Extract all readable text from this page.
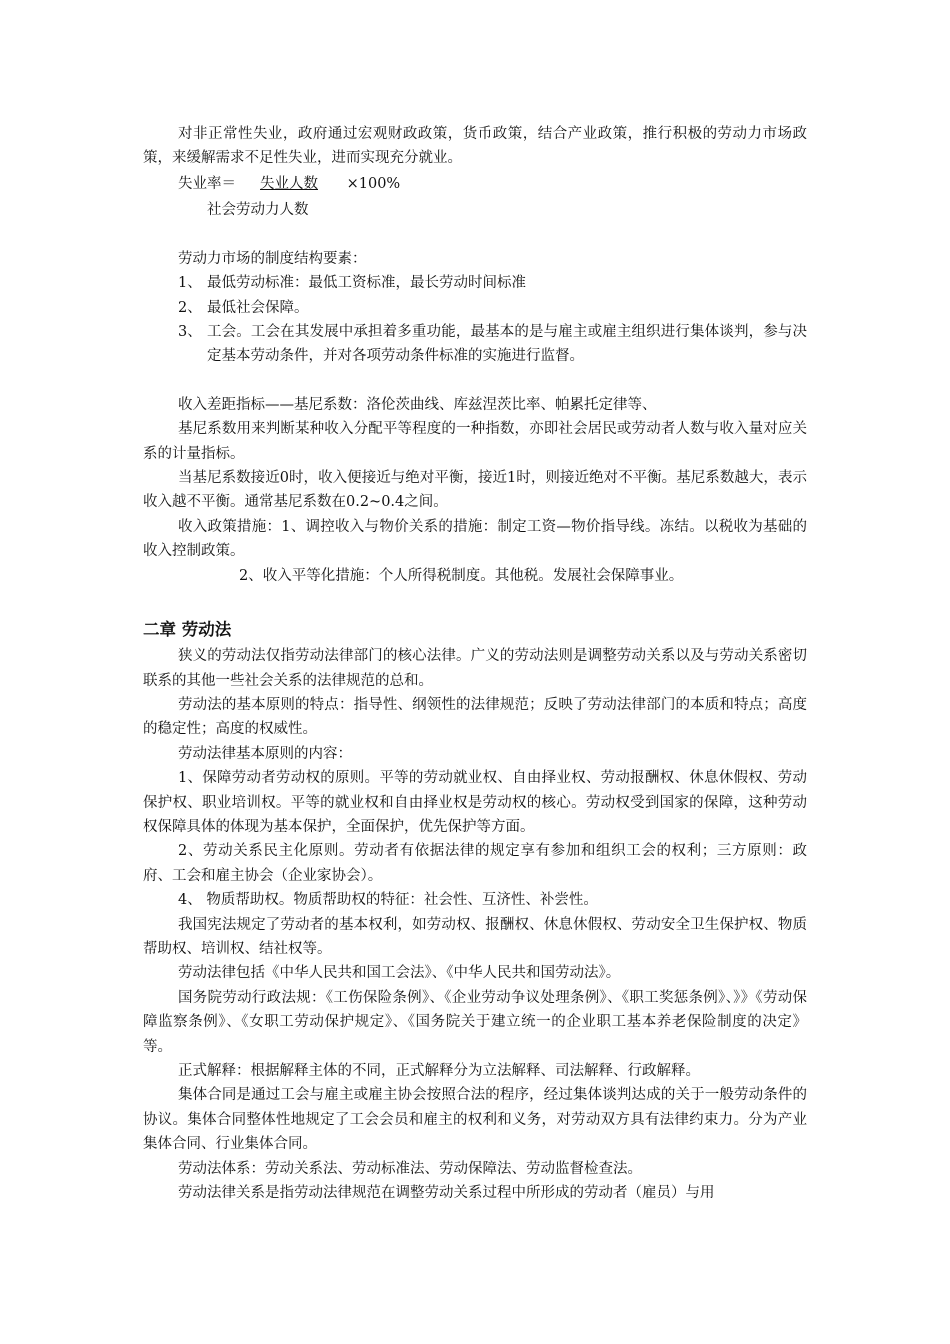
对非正常性失业，政府通过宏观财政政策，货币政策，结合产业政策，推行积极的劳动力市场政策，来缓解需求不足性失业，进而实现充分就业。

失业率＝ 失业人数 ×100%
社会劳动力人数

劳动力市场的制度结构要素：

1、 最低劳动标准：最低工资标准，最长劳动时间标准
2、 最低社会保障。
3、 工会。工会在其发展中承担着多重功能，最基本的是与雇主或雇主组织进行集体谈判，参与决定基本劳动条件，并对各项劳动条件标准的实施进行监督。

收入差距指标——基尼系数：洛伦茨曲线、库兹涅茨比率、帕累托定律等、

基尼系数用来判断某种收入分配平等程度的一种指数，亦即社会居民或劳动者人数与收入量对应关系的计量指标。

当基尼系数接近0时，收入便接近与绝对平衡，接近1时，则接近绝对不平衡。基尼系数越大，表示收入越不平衡。通常基尼系数在0.2~0.4之间。

收入政策措施：1、调控收入与物价关系的措施：制定工资—物价指导线。冻结。以税收为基础的收入控制政策。

2、收入平等化措施：个人所得税制度。其他税。发展社会保障事业。

二章 劳动法

狭义的劳动法仅指劳动法律部门的核心法律。广义的劳动法则是调整劳动关系以及与劳动关系密切联系的其他一些社会关系的法律规范的总和。

劳动法的基本原则的特点：指导性、纲领性的法律规范；反映了劳动法律部门的本质和特点；高度的稳定性；高度的权威性。

劳动法律基本原则的内容：

1、保障劳动者劳动权的原则。平等的劳动就业权、自由择业权、劳动报酬权、休息休假权、劳动保护权、职业培训权。平等的就业权和自由择业权是劳动权的核心。劳动权受到国家的保障，这种劳动权保障具体的体现为基本保护，全面保护，优先保护等方面。

2、劳动关系民主化原则。劳动者有依据法律的规定享有参加和组织工会的权利；三方原则：政府、工会和雇主协会（企业家协会）。

4、 物质帮助权。物质帮助权的特征：社会性、互济性、补尝性。

我国宪法规定了劳动者的基本权利，如劳动权、报酬权、休息休假权、劳动安全卫生保护权、物质帮助权、培训权、结社权等。

劳动法律包括《中华人民共和国工会法》、《中华人民共和国劳动法》。

国务院劳动行政法规：《工伤保险条例》、《企业劳动争议处理条例》、《职工奖惩条例》、》》《劳动保障监察条例》、《女职工劳动保护规定》、《国务院关于建立统一的企业职工基本养老保险制度的决定》等。

正式解释：根据解释主体的不同，正式解释分为立法解释、司法解释、行政解释。

集体合同是通过工会与雇主或雇主协会按照合法的程序，经过集体谈判达成的关于一般劳动条件的协议。集体合同整体性地规定了工会会员和雇主的权利和义务，对劳动双方具有法律约束力。分为产业集体合同、行业集体合同。

劳动法体系：劳动关系法、劳动标准法、劳动保障法、劳动监督检查法。

劳动法律关系是指劳动法律规范在调整劳动关系过程中所形成的劳动者（雇员）与用
